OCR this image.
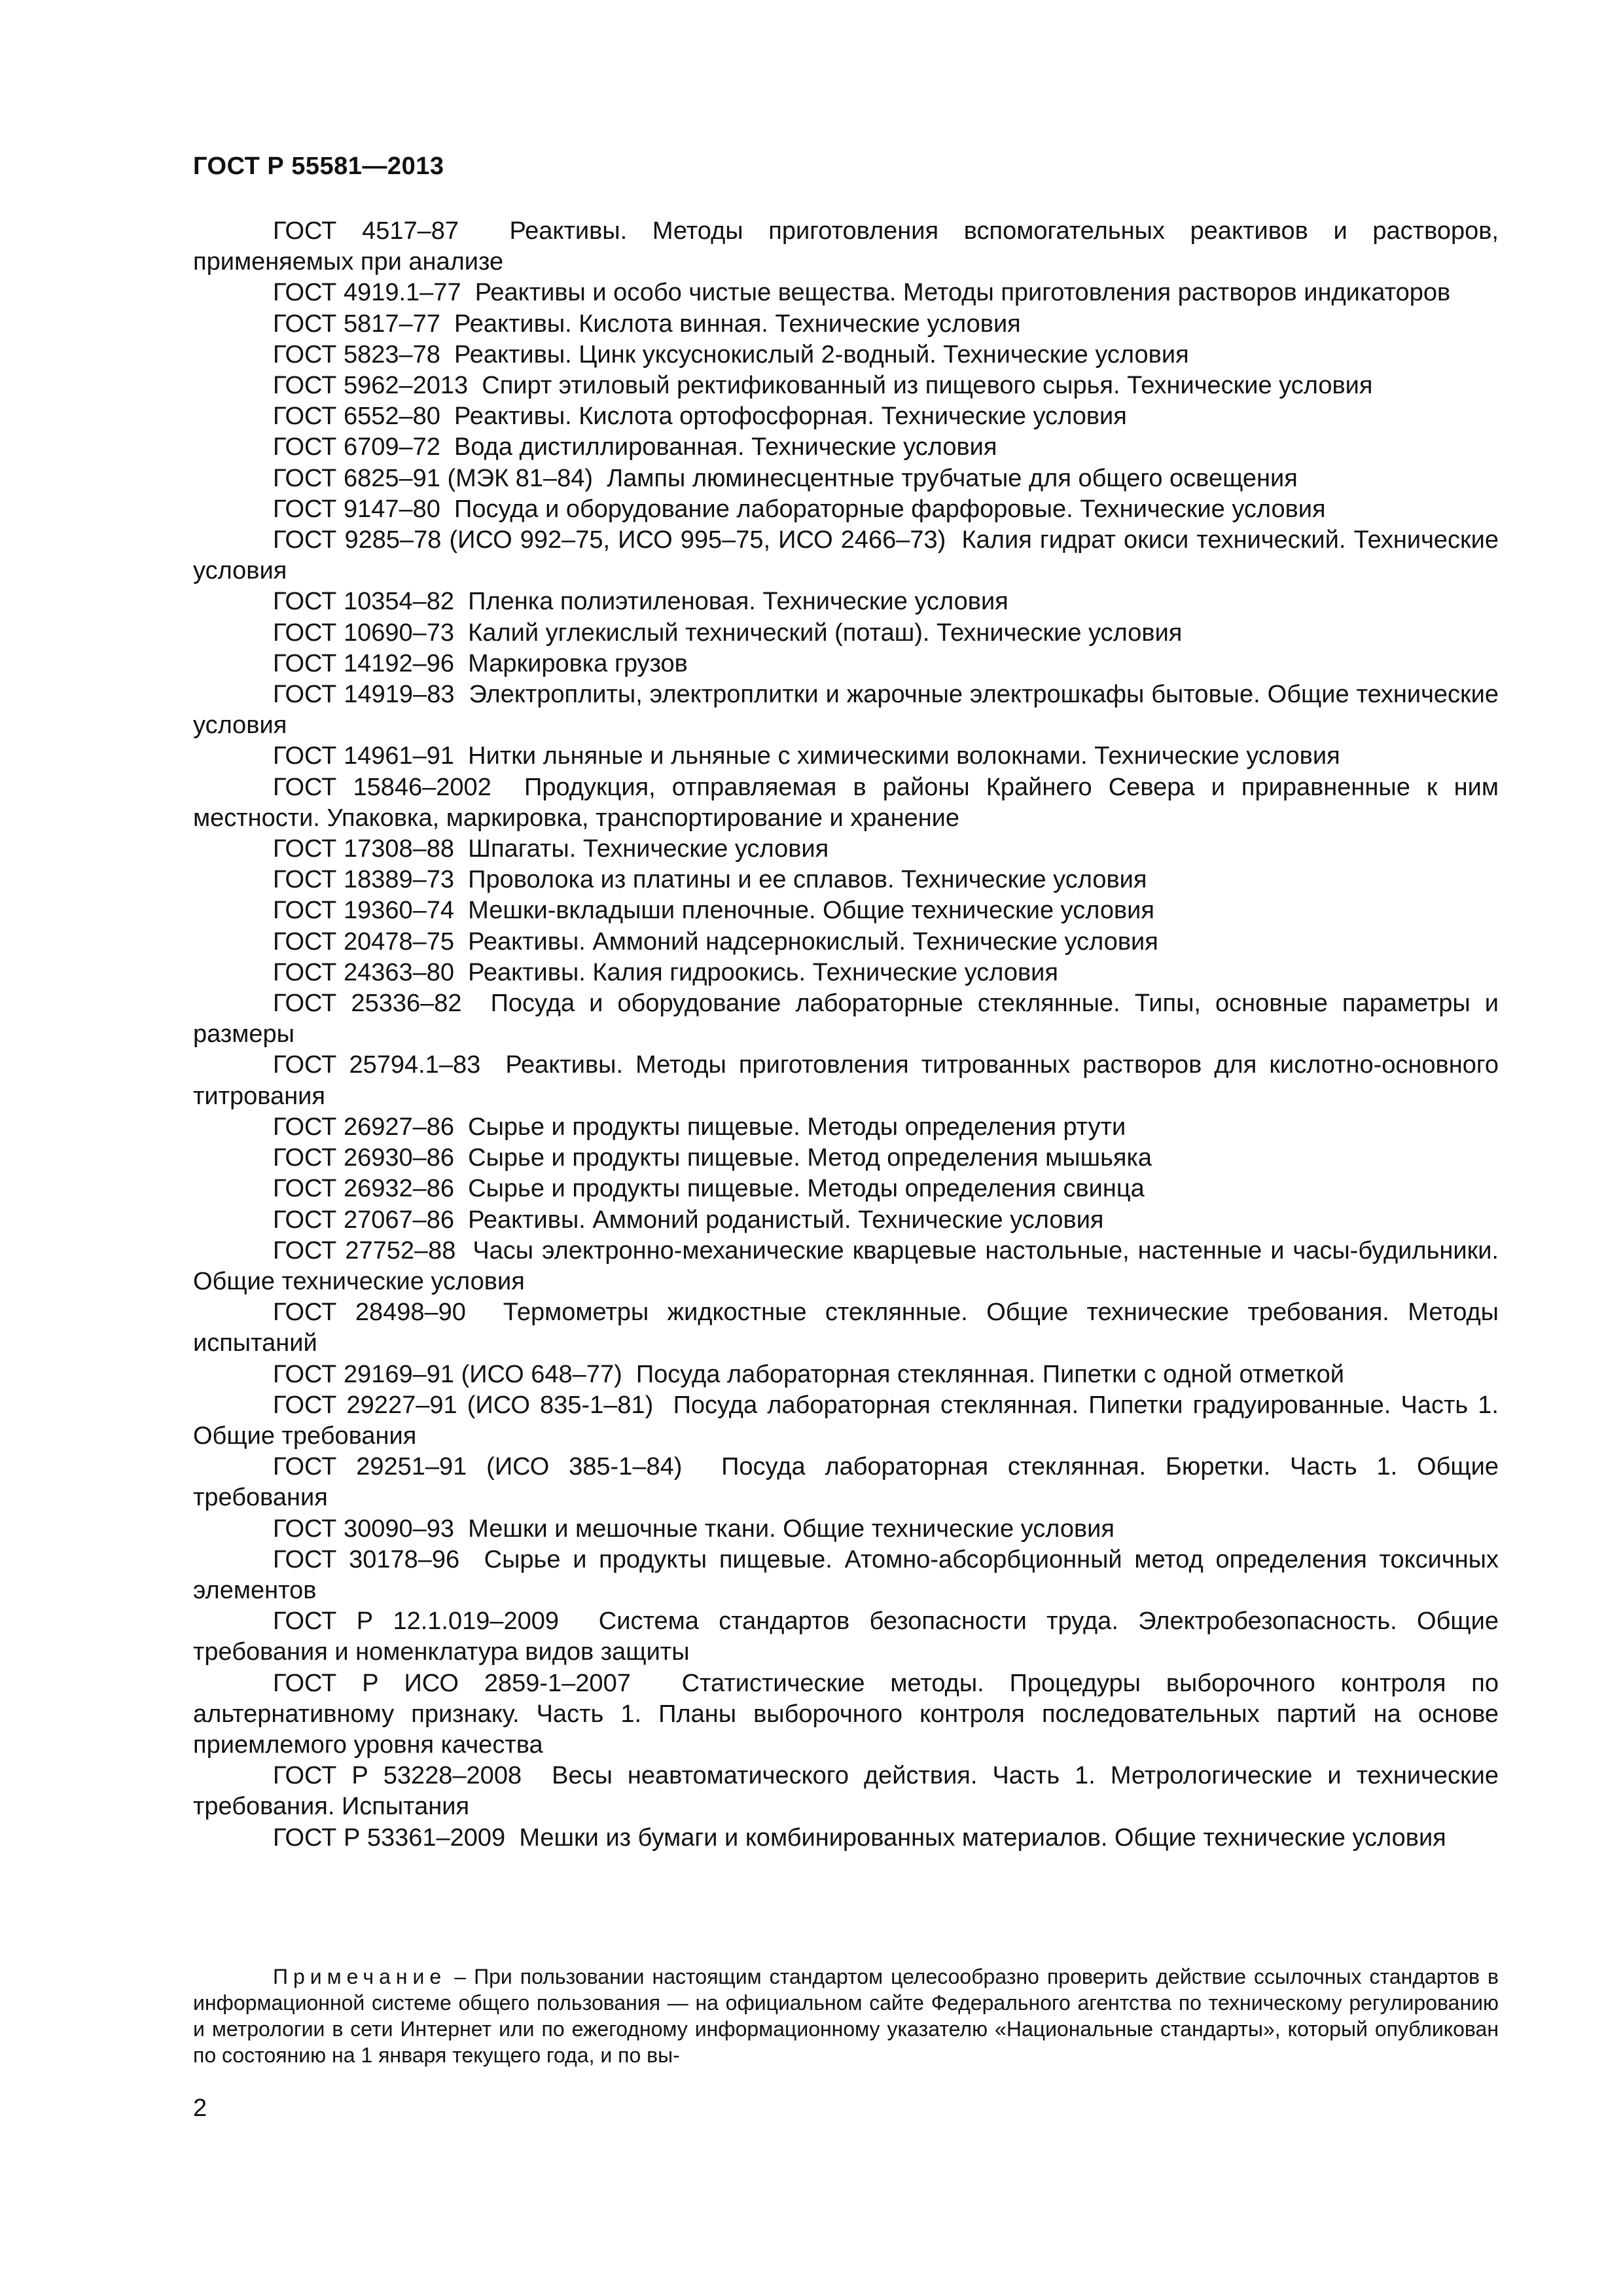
ГОСТ Р 55581—2013

ГОСТ 4517–87 Реактивы. Методы приготовления вспомогательных реактивов и растворов, применяемых при анализе

ГОСТ 4919.1–77 Реактивы и особо чистые вещества. Методы приготовления растворов индикаторов

ГОСТ 5817–77 Реактивы. Кислота винная. Технические условия

ГОСТ 5823–78 Реактивы. Цинк уксуснокислый 2-водный. Технические условия

ГОСТ 5962–2013 Спирт этиловый ректификованный из пищевого сырья. Технические условия

ГОСТ 6552–80 Реактивы. Кислота ортофосфорная. Технические условия

ГОСТ 6709–72 Вода дистиллированная. Технические условия

ГОСТ 6825–91 (МЭК 81–84) Лампы люминесцентные трубчатые для общего освещения

ГОСТ 9147–80 Посуда и оборудование лабораторные фарфоровые. Технические условия

ГОСТ 9285–78 (ИСО 992–75, ИСО 995–75, ИСО 2466–73) Калия гидрат окиси технический. Технические условия

ГОСТ 10354–82 Пленка полиэтиленовая. Технические условия

ГОСТ 10690–73 Калий углекислый технический (поташ). Технические условия

ГОСТ 14192–96 Маркировка грузов

ГОСТ 14919–83 Электроплиты, электроплитки и жарочные электрошкафы бытовые. Общие технические условия

ГОСТ 14961–91 Нитки льняные и льняные с химическими волокнами. Технические условия

ГОСТ 15846–2002 Продукция, отправляемая в районы Крайнего Севера и приравненные к ним местности. Упаковка, маркировка, транспортирование и хранение

ГОСТ 17308–88 Шпагаты. Технические условия

ГОСТ 18389–73 Проволока из платины и ее сплавов. Технические условия

ГОСТ 19360–74 Мешки-вкладыши пленочные. Общие технические условия

ГОСТ 20478–75 Реактивы. Аммоний надсернокислый. Технические условия

ГОСТ 24363–80 Реактивы. Калия гидроокись. Технические условия

ГОСТ 25336–82 Посуда и оборудование лабораторные стеклянные. Типы, основные параметры и размеры

ГОСТ 25794.1–83 Реактивы. Методы приготовления титрованных растворов для кислотно-основного титрования

ГОСТ 26927–86 Сырье и продукты пищевые. Методы определения ртути

ГОСТ 26930–86 Сырье и продукты пищевые. Метод определения мышьяка

ГОСТ 26932–86 Сырье и продукты пищевые. Методы определения свинца

ГОСТ 27067–86 Реактивы. Аммоний роданистый. Технические условия

ГОСТ 27752–88 Часы электронно-механические кварцевые настольные, настенные и часы-будильники. Общие технические условия

ГОСТ 28498–90 Термометры жидкостные стеклянные. Общие технические требования. Методы испытаний

ГОСТ 29169–91 (ИСО 648–77) Посуда лабораторная стеклянная. Пипетки с одной отметкой

ГОСТ 29227–91 (ИСО 835-1–81) Посуда лабораторная стеклянная. Пипетки градуированные. Часть 1. Общие требования

ГОСТ 29251–91 (ИСО 385-1–84) Посуда лабораторная стеклянная. Бюретки. Часть 1. Общие требования

ГОСТ 30090–93 Мешки и мешочные ткани. Общие технические условия

ГОСТ 30178–96 Сырье и продукты пищевые. Атомно-абсорбционный метод определения токсичных элементов

ГОСТ Р 12.1.019–2009 Система стандартов безопасности труда. Электробезопасность. Общие требования и номенклатура видов защиты

ГОСТ Р ИСО 2859-1–2007 Статистические методы. Процедуры выборочного контроля по альтернативному признаку. Часть 1. Планы выборочного контроля последовательных партий на основе приемлемого уровня качества

ГОСТ Р 53228–2008 Весы неавтоматического действия. Часть 1. Метрологические и технические требования. Испытания

ГОСТ Р 53361–2009 Мешки из бумаги и комбинированных материалов. Общие технические условия

Примечание – При пользовании настоящим стандартом целесообразно проверить действие ссылочных стандартов в информационной системе общего пользования — на официальном сайте Федерального агентства по техническому регулированию и метрологии в сети Интернет или по ежегодному информационному указателю «Национальные стандарты», который опубликован по состоянию на 1 января текущего года, и по вы-

2
